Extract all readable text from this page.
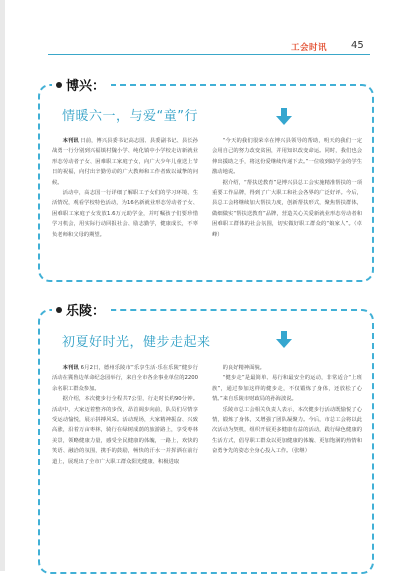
工会时讯 45
博兴：
情暖六一，与爱“童”行

本刊讯 日前，博兴县委书记高志国、县委副书记、县长孙战勇一行分别到兴福镇村魏小学、纯化镇中小学校走访新就业形态劳动者子女、困难职工家庭子女，向广大少年儿童送上节日的祝福，向付出辛勤劳动的广大教师和工作者致以诚挚的问候。

活动中，高志国一行详细了解职工子女们的学习环境、生活情况，观看学校特色活动，为16名新就业形态劳动者子女、困难职工家庭子女发放1.6万元助学金，并叮嘱孩子们要珍惜学习机会，用实际行动回报社会、励志勤学，健康成长，不辜负老师和父母的期望。

“今天的我们很荣幸在博兴县领导的帮助，明天的我们一定会用自己的努力改变贫困，并用知识改变命运。同时，我们也会伸出援助之手，将这份爱继续传递下去。”一位收到助学金的学生激动地说。

据介绍，“帮扶送教育”是博兴县总工会实施精准帮扶的一项重要工作品牌，得到了广大职工和社会各界的广泛好评。今后，县总工会将继续加大帮扶力度，创新帮扶形式，聚焦帮扶群体，做细做实“帮扶送教育”品牌，营造关心关爱新就业形态劳动者和困难职工群体的社会氛围，切实做好职工群众的“娘家人”。（卓峰）

乐陵：
初夏好时光，健步走起来

本刊讯 6月2日，德州乐陵市“乐享生活·乐在乐陵”健步行活动在冀鲁边革命纪念园举行，来自全市各企事业单位的2200余名职工群众参加。

据介绍，本次健步行全程共7公里，行走时长约90分钟。活动中，大家迈着整齐的步伐，昂首阔步向前，队员们尽情享受运动愉悦，展示拼搏风采。活动现场，大家精神振奋、兴致高涨，沿着万亩枣林，骑行在绿树成荫的旅游路上，享受枣林美景，领略健康力量，感受全民健康的体魄，一路上，欢快的笑语、融洽的氛围，携手的鼓励，畅快的汗水一并挥洒在前行道上，展现出了全市广大职工群众阳光健康、积极进取

的良好精神面貌。

“健步走”是最简单、易行和最安全的运动，非常适合“上班族”，通过参加这样的健步走，不仅锻炼了身体，还放松了心情。”来自乐陵市财政局的孙海波说。

乐陵市总工会相关负责人表示，本次健步行活动既愉悦了心情，锻炼了身体，又增强了团队凝聚力。今后，市总工会将以此次活动为契机，组织开展更多健康有益的活动，践行绿色健康的生活方式，倡导职工群众以更加健康的体魄、更加饱满的热情和奋勇争先的姿态全身心投入工作。（张继）
